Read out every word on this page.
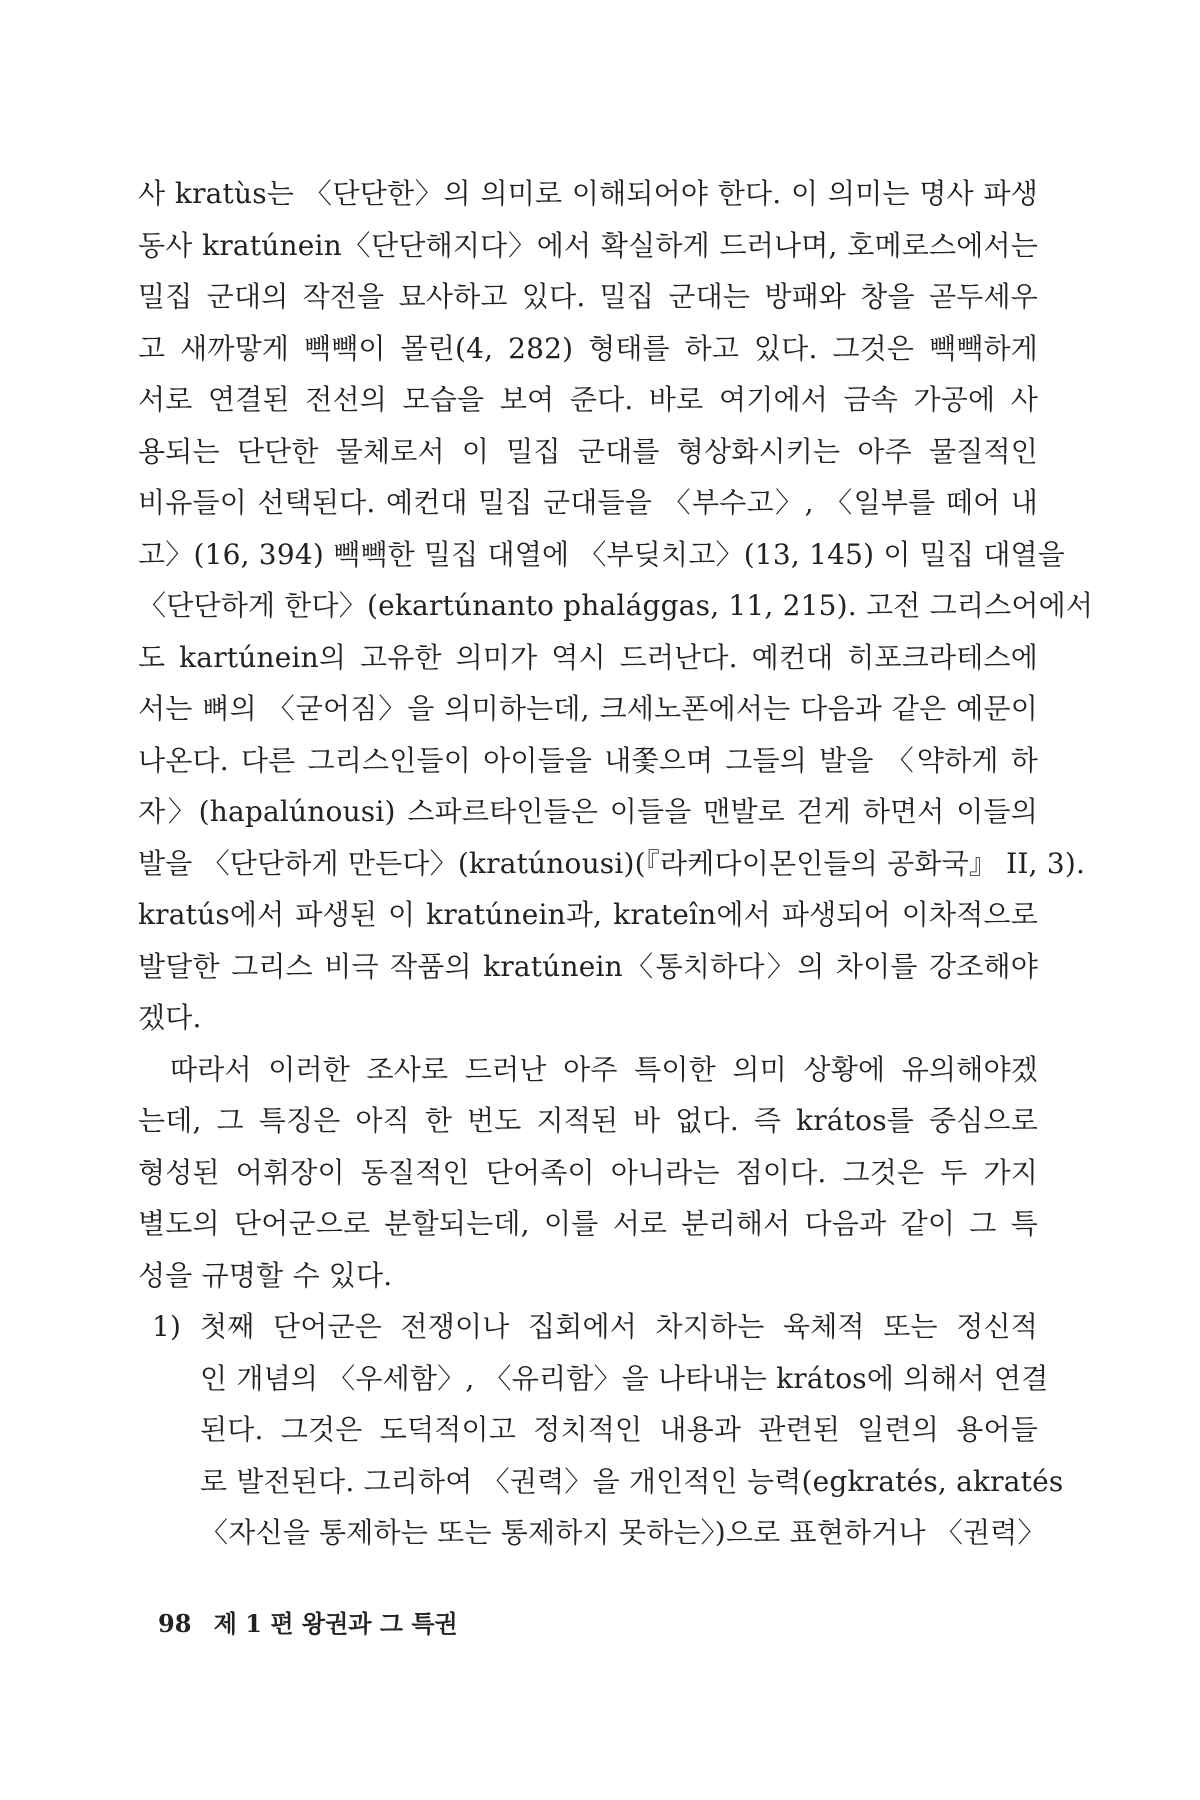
사 kratùs는 〈단단한〉의 의미로 이해되어야 한다. 이 의미는 명사 파생
동사 kratúnein〈단단해지다〉에서 확실하게 드러나며, 호메로스에서는
밀집 군대의 작전을 묘사하고 있다. 밀집 군대는 방패와 창을 곧두세우
고 새까맣게 빽빽이 몰린(4, 282) 형태를 하고 있다. 그것은 빽빽하게
서로 연결된 전선의 모습을 보여 준다. 바로 여기에서 금속 가공에 사
용되는 단단한 물체로서 이 밀집 군대를 형상화시키는 아주 물질적인
비유들이 선택된다. 예컨대 밀집 군대들을 〈부수고〉, 〈일부를 떼어 내
고〉(16, 394) 빽빽한 밀집 대열에 〈부딪치고〉(13, 145) 이 밀집 대열을
〈단단하게 한다〉(ekartúnanto phalággas, 11, 215). 고전 그리스어에서
도 kartúnein의 고유한 의미가 역시 드러난다. 예컨대 히포크라테스에
서는 뼈의 〈굳어짐〉을 의미하는데, 크세노폰에서는 다음과 같은 예문이
나온다. 다른 그리스인들이 아이들을 내쫓으며 그들의 발을 〈약하게 하
자〉(hapalúnousi) 스파르타인들은 이들을 맨발로 걷게 하면서 이들의
발을 〈단단하게 만든다〉(kratúnousi)(『라케다이몬인들의 공화국』 II, 3).
kratús에서 파생된 이 kratúnein과, krateîn에서 파생되어 이차적으로
발달한 그리스 비극 작품의 kratúnein〈통치하다〉의 차이를 강조해야
겠다.
따라서 이러한 조사로 드러난 아주 특이한 의미 상황에 유의해야겠
는데, 그 특징은 아직 한 번도 지적된 바 없다. 즉 krátos를 중심으로
형성된 어휘장이 동질적인 단어족이 아니라는 점이다. 그것은 두 가지
별도의 단어군으로 분할되는데, 이를 서로 분리해서 다음과 같이 그 특
성을 규명할 수 있다.
1) 첫째 단어군은 전쟁이나 집회에서 차지하는 육체적 또는 정신적
인 개념의 〈우세함〉, 〈유리함〉을 나타내는 krátos에 의해서 연결
된다. 그것은 도덕적이고 정치적인 내용과 관련된 일련의 용어들
로 발전된다. 그리하여 〈권력〉을 개인적인 능력(egkratés, akratés
〈자신을 통제하는 또는 통제하지 못하는〉)으로 표현하거나 〈권력〉
98 제 1 편 왕권과 그 특권
